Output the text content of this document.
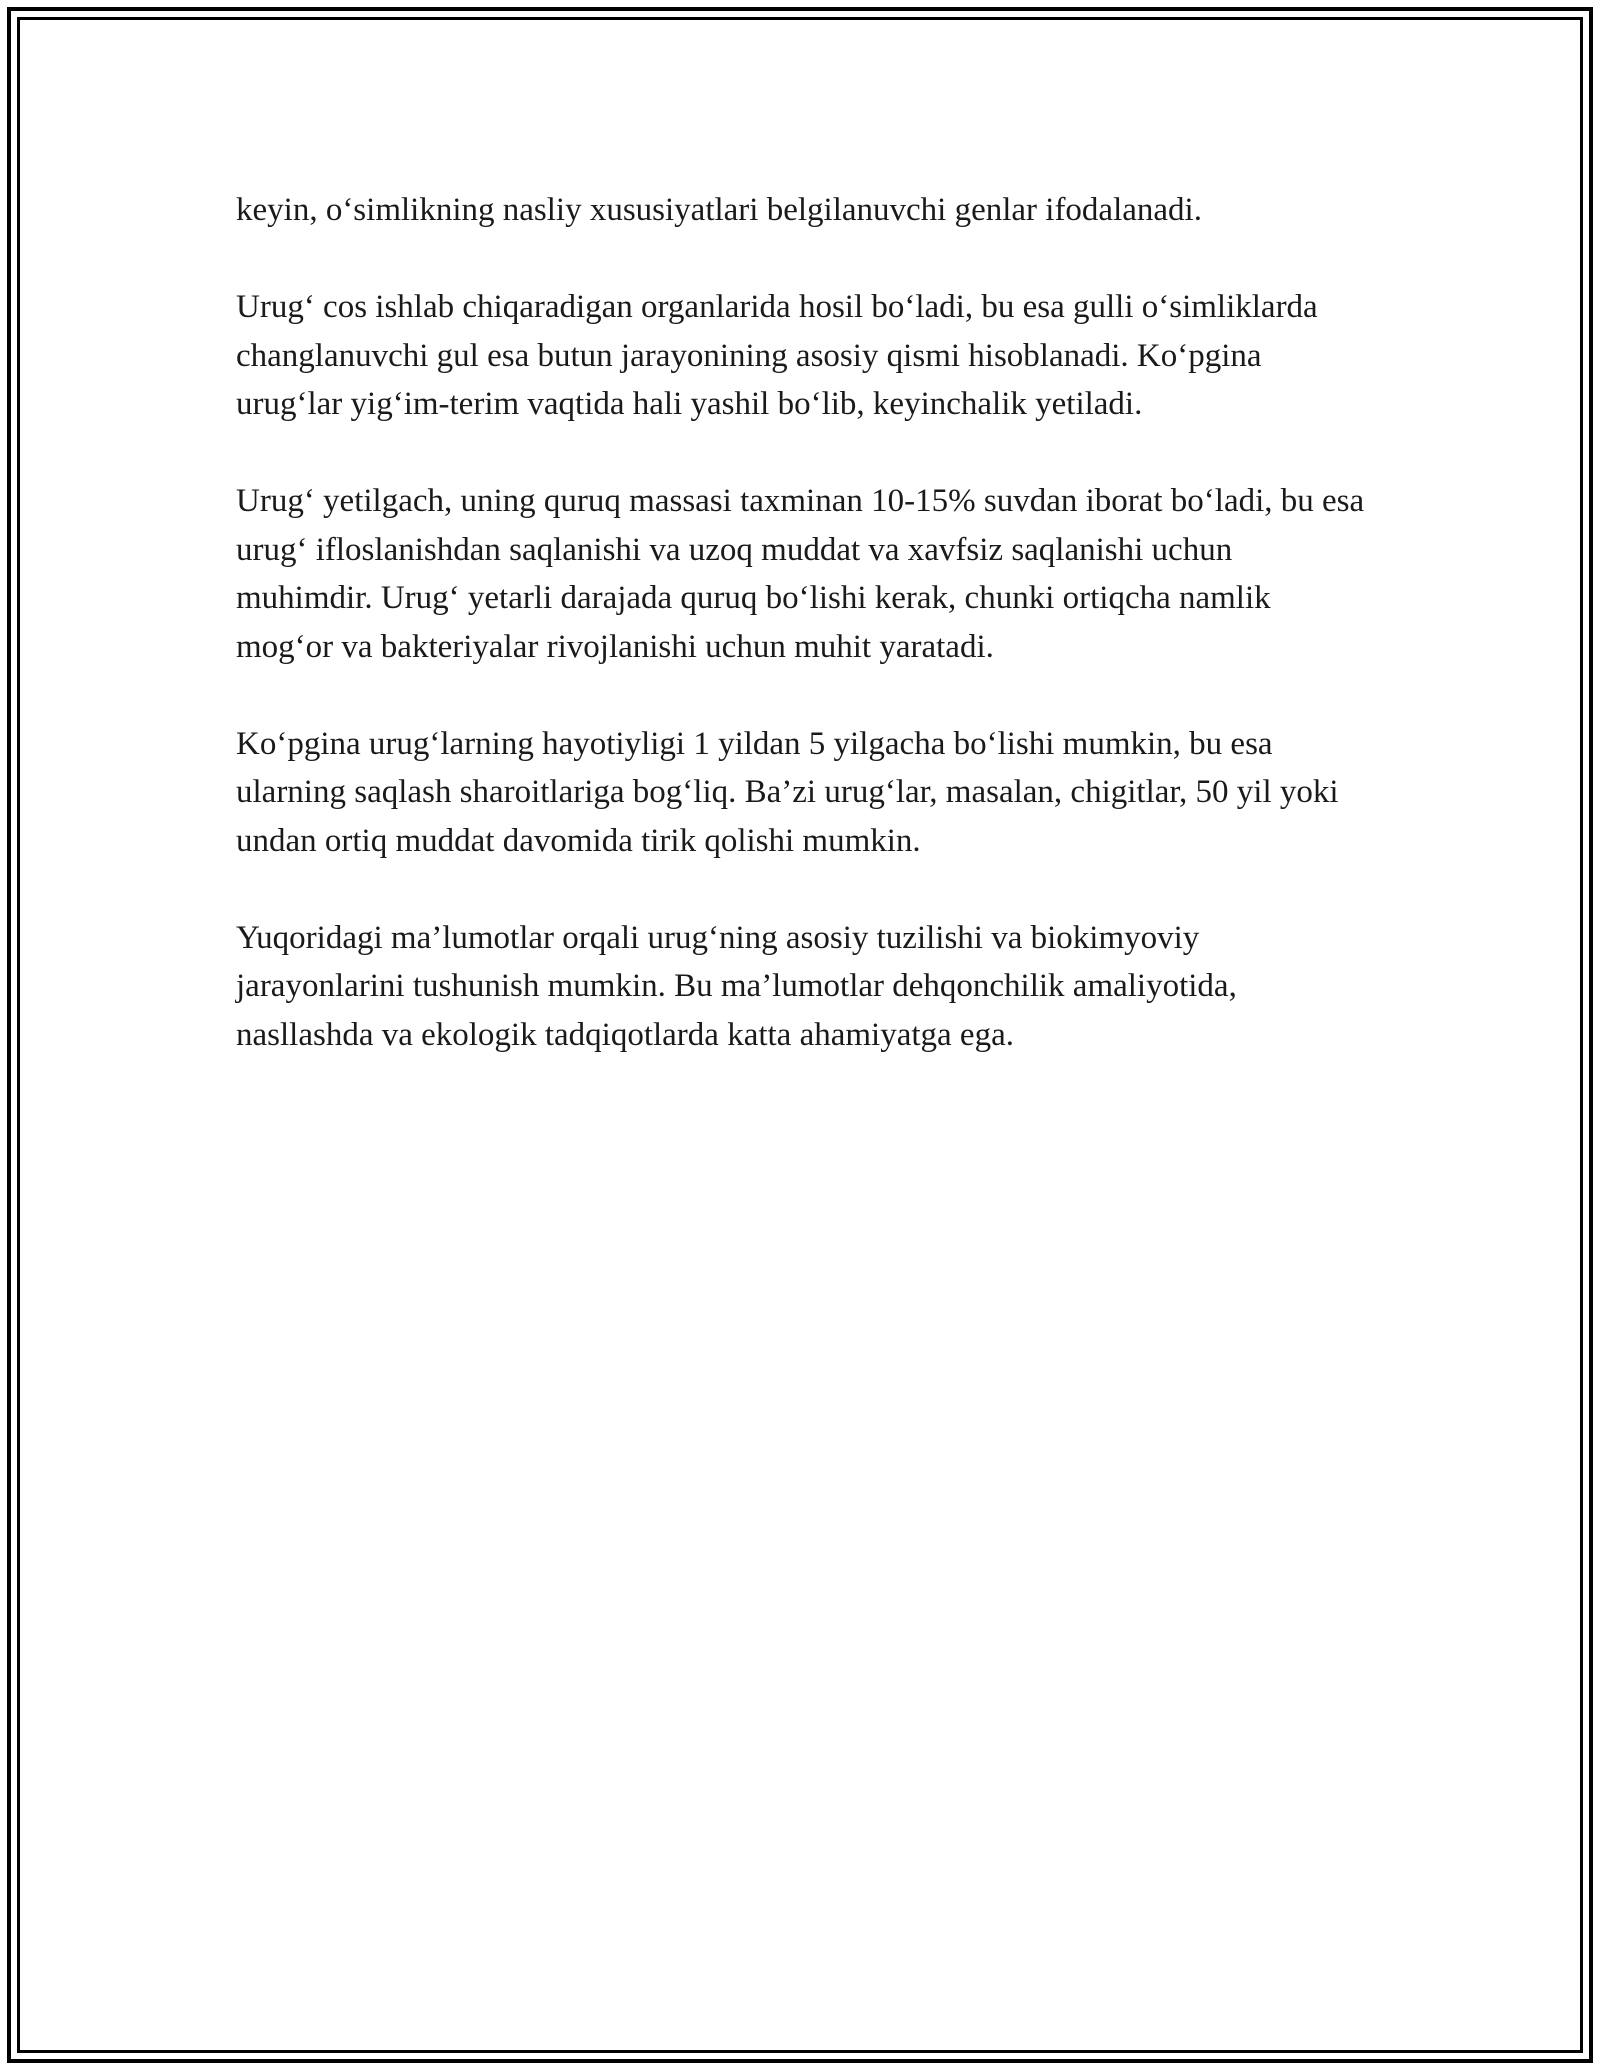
keyin, o‘simlikning nasliy xususiyatlari belgilanuvchi genlar ifodalanadi.

Urug‘ cos ishlab chiqaradigan organlarida hosil bo‘ladi, bu esa gulli o‘simliklarda changlanuvchi gul esa butun jarayonining asosiy qismi hisoblanadi. Ko‘pgina urug‘lar yig‘im-terim vaqtida hali yashil bo‘lib, keyinchalik yetiladi.

Urug‘ yetilgach, uning quruq massasi taxminan 10-15% suvdan iborat bo‘ladi, bu esa urug‘ ifloslanishdan saqlanishi va uzoq muddat va xavfsiz saqlanishi uchun muhimdir. Urug‘ yetarli darajada quruq bo‘lishi kerak, chunki ortiqcha namlik mog‘or va bakteriyalar rivojlanishi uchun muhit yaratadi.

Ko‘pgina urug‘larning hayotiyligi 1 yildan 5 yilgacha bo‘lishi mumkin, bu esa ularning saqlash sharoitlariga bog‘liq. Ba’zi urug‘lar, masalan, chigitlar, 50 yil yoki undan ortiq muddat davomida tirik qolishi mumkin.

Yuqoridagi ma’lumotlar orqali urug‘ning asosiy tuzilishi va biokimyoviy jarayonlarini tushunish mumkin. Bu ma’lumotlar dehqonchilik amaliyotida, nasllashda va ekologik tadqiqotlarda katta ahamiyatga ega.
